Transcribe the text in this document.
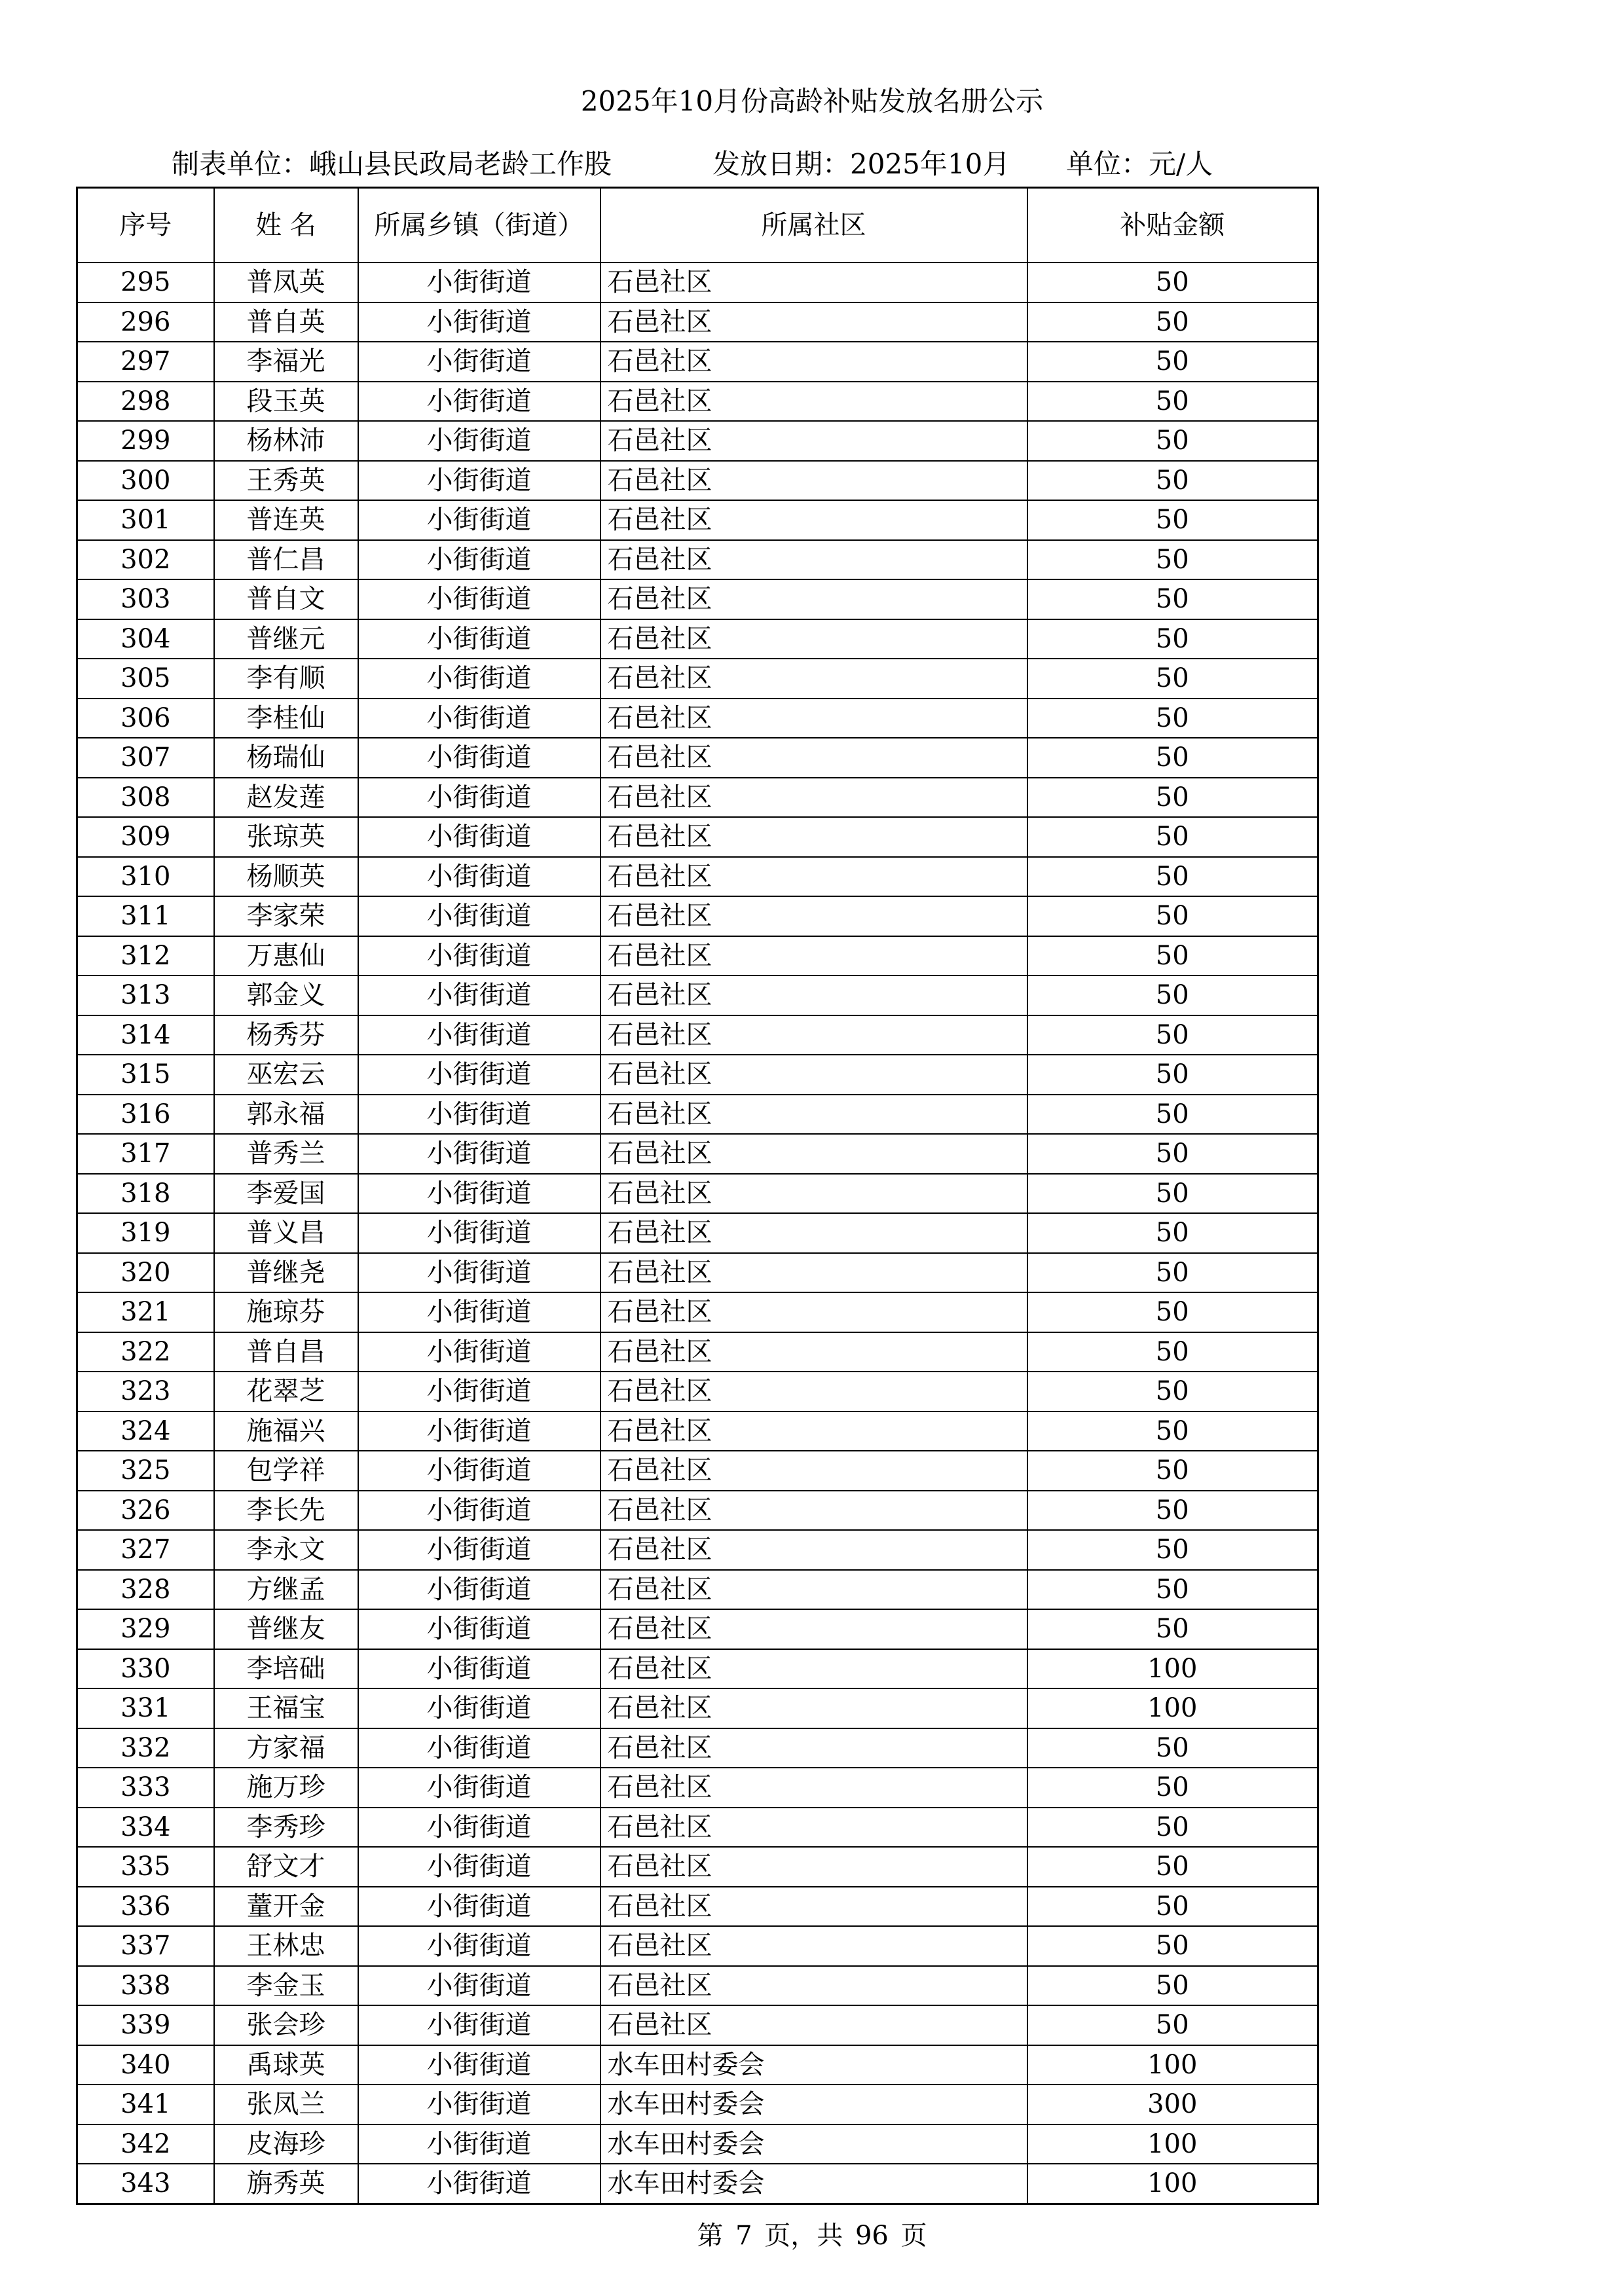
2025年10月份高龄补贴发放名册公示
制表单位：峨山县民政局老龄工作股	发放日期：2025年10月 单位：元/人
序号	姓 名	所属乡镇（街道）	所属社区	补贴金额
295	普凤英	小街街道	石邑社区	50
296	普自英	小街街道	石邑社区	50
297	李福光	小街街道	石邑社区	50
298	段玉英	小街街道	石邑社区	50
299	杨林沛	小街街道	石邑社区	50
300	王秀英	小街街道	石邑社区	50
301	普连英	小街街道	石邑社区	50
302	普仁昌	小街街道	石邑社区	50
303	普自文	小街街道	石邑社区	50
304	普继元	小街街道	石邑社区	50
305	李有顺	小街街道	石邑社区	50
306	李桂仙	小街街道	石邑社区	50
307	杨瑞仙	小街街道	石邑社区	50
308	赵发莲	小街街道	石邑社区	50
309	张琼英	小街街道	石邑社区	50
310	杨顺英	小街街道	石邑社区	50
311	李家荣	小街街道	石邑社区	50
312	万惠仙	小街街道	石邑社区	50
313	郭金义	小街街道	石邑社区	50
314	杨秀芬	小街街道	石邑社区	50
315	巫宏云	小街街道	石邑社区	50
316	郭永福	小街街道	石邑社区	50
317	普秀兰	小街街道	石邑社区	50
318	李爱国	小街街道	石邑社区	50
319	普义昌	小街街道	石邑社区	50
320	普继尧	小街街道	石邑社区	50
321	施琼芬	小街街道	石邑社区	50
322	普自昌	小街街道	石邑社区	50
323	花翠芝	小街街道	石邑社区	50
324	施福兴	小街街道	石邑社区	50
325	包学祥	小街街道	石邑社区	50
326	李长先	小街街道	石邑社区	50
327	李永文	小街街道	石邑社区	50
328	方继孟	小街街道	石邑社区	50
329	普继友	小街街道	石邑社区	50
330	李培础	小街街道	石邑社区	100
331	王福宝	小街街道	石邑社区	100
332	方家福	小街街道	石邑社区	50
333	施万珍	小街街道	石邑社区	50
334	李秀珍	小街街道	石邑社区	50
335	舒文才	小街街道	石邑社区	50
336	蕫开金	小街街道	石邑社区	50
337	王林忠	小街街道	石邑社区	50
338	李金玉	小街街道	石邑社区	50
339	张会珍	小街街道	石邑社区	50
340	禹球英	小街街道	水车田村委会	100
341	张凤兰	小街街道	水车田村委会	300
342	皮海珍	小街街道	水车田村委会	100
343	旃秀英	小街街道	水车田村委会	100
第 7 页，共 96 页
